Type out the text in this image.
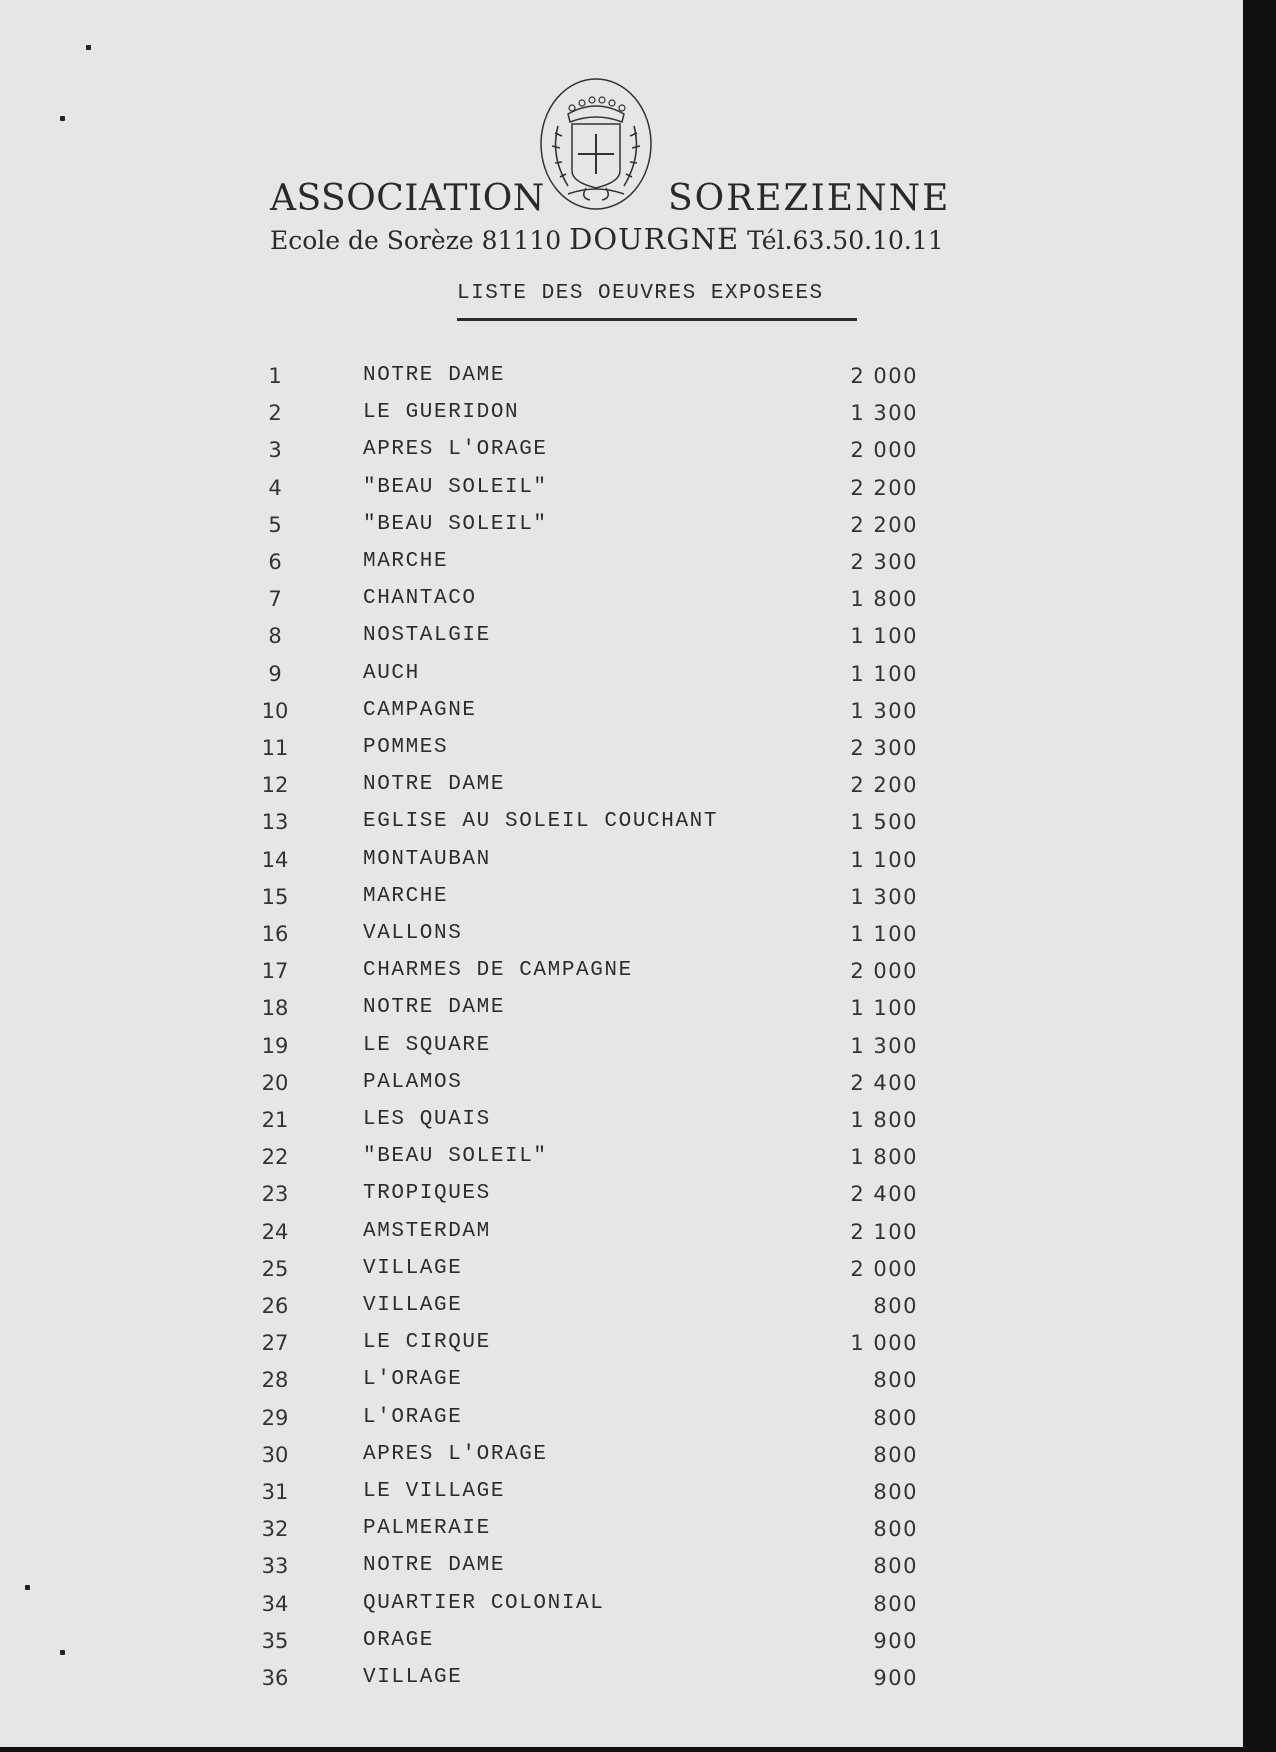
ASSOCIATION	SOREZIENNE
Ecole de Sorèze 81110 DOURGNE Tél.63.50.10.11
LISTE DES OEUVRES EXPOSEES
1	NOTRE DAME	2 000
2	LE GUERIDON	1 300
3	APRES L'ORAGE	2 000
4	"BEAU SOLEIL"	2 200
5	"BEAU SOLEIL"	2 200
6	MARCHE	2 300
7	CHANTACO	1 800
8	NOSTALGIE	1 100
9	AUCH	1 100
10	CAMPAGNE	1 300
11	POMMES	2 300
12	NOTRE DAME	2 200
13	EGLISE AU SOLEIL COUCHANT	1 500
14	MONTAUBAN	1 100
15	MARCHE	1 300
16	VALLONS	1 100
17	CHARMES DE CAMPAGNE	2 000
18	NOTRE DAME	1 100
19	LE SQUARE	1 300
20	PALAMOS	2 400
21	LES QUAIS	1 800
22	"BEAU SOLEIL"	1 800
23	TROPIQUES	2 400
24	AMSTERDAM	2 100
25	VILLAGE	2 000
26	VILLAGE	800
27	LE CIRQUE	1 000
28	L'ORAGE	800
29	L'ORAGE	800
30	APRES L'ORAGE	800
31	LE VILLAGE	800
32	PALMERAIE	800
33	NOTRE DAME	800
34	QUARTIER COLONIAL	800
35	ORAGE	900
36	VILLAGE	900
